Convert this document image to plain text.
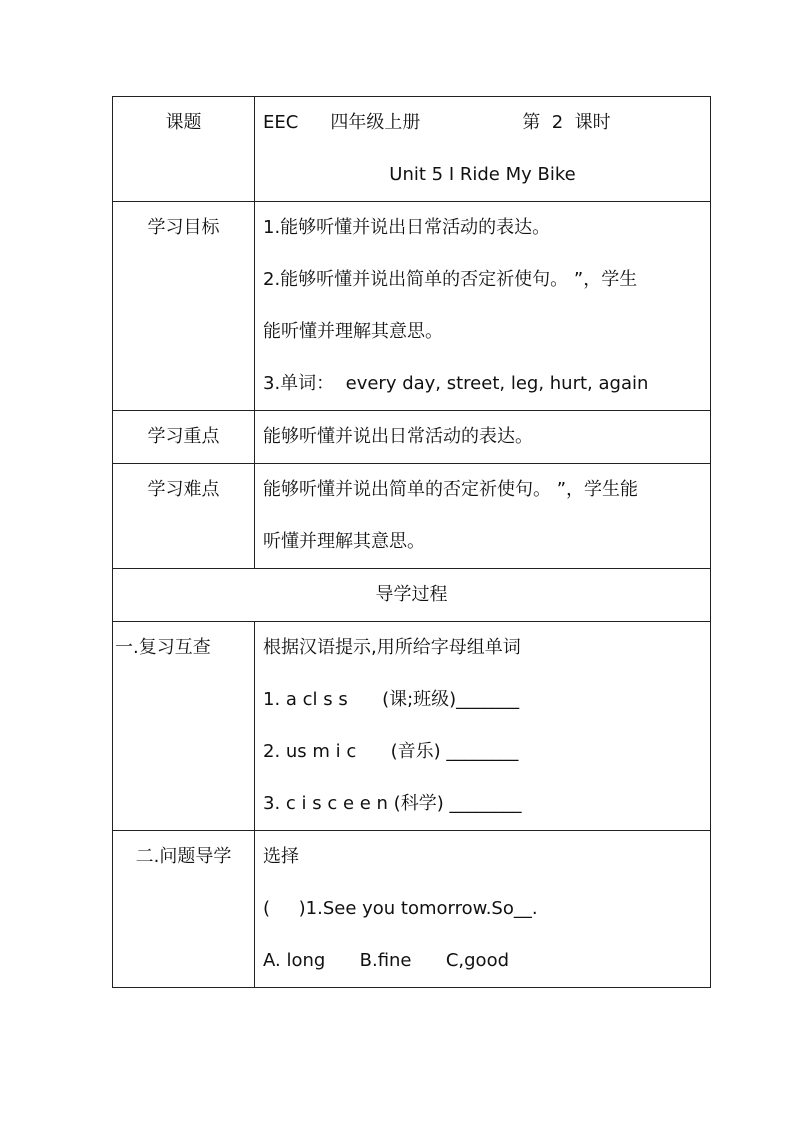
课题	EEC 四年级上册 第  2  课时
Unit 5 I Ride My Bike

学习目标	1.能够听懂并说出日常活动的表达。
2.能够听懂并说出简单的否定祈使句。 ”，学生
能听懂并理解其意思。
3.单词：  every day, street, leg, hurt, again

学习重点	能够听懂并说出日常活动的表达。

学习难点	能够听懂并说出简单的否定祈使句。 ”，学生能
听懂并理解其意思。

导学过程	

一.复习互查	根据汉语提示,用所给字母组单词
1. a cl s s      (课;班级)_______
2. us m i c      (音乐) ________
3. c i s c e e n (科学) ________

二.问题导学	选择
(     )1.See you tomorrow.So__.
A. long      B.fine      C,good
